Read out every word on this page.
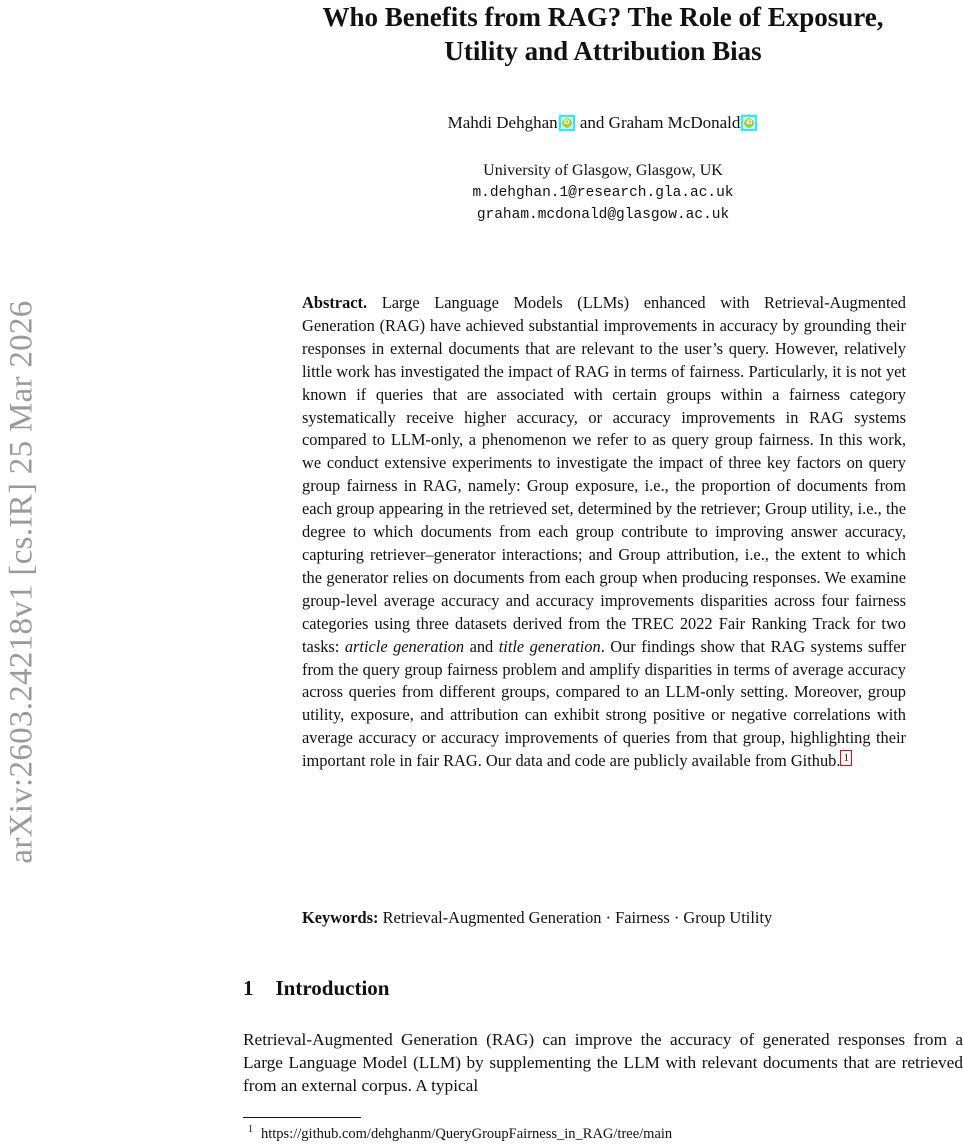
arXiv:2603.24218v1 [cs.IR] 25 Mar 2026
Who Benefits from RAG? The Role of Exposure,
Utility and Attribution Bias
Mahdi Dehghan	iD and Graham McDonald	iD
University of Glasgow, Glasgow, UK
m.dehghan.1@research.gla.ac.uk
graham.mcdonald@glasgow.ac.uk
Abstract. Large Language Models (LLMs) enhanced with Retrieval-Augmented Generation (RAG) have achieved substantial improvements in accuracy by grounding their responses in external documents that are relevant to the user’s query. However, relatively little work has investigated the impact of RAG in terms of fairness. Particularly, it is not yet known if queries that are associated with certain groups within a fairness category systematically receive higher accuracy, or accuracy improvements in RAG systems compared to LLM-only, a phenomenon we refer to as query group fairness. In this work, we conduct extensive experiments to investigate the impact of three key factors on query group fairness in RAG, namely: Group exposure, i.e., the proportion of documents from each group appearing in the retrieved set, determined by the retriever; Group utility, i.e., the degree to which documents from each group contribute to improving answer accuracy, capturing retriever–generator interactions; and Group attribution, i.e., the extent to which the generator relies on documents from each group when producing responses. We examine group-level average accuracy and accuracy improvements disparities across four fairness categories using three datasets derived from the TREC 2022 Fair Ranking Track for two tasks: article generation and title generation. Our findings show that RAG systems suffer from the query group fairness problem and amplify disparities in terms of average accuracy across queries from different groups, compared to an LLM-only setting. Moreover, group utility, exposure, and attribution can exhibit strong positive or negative correlations with average accuracy or accuracy improvements of queries from that group, highlighting their important role in fair RAG. Our data and code are publicly available from Github. 1
Keywords: Retrieval-Augmented Generation · Fairness · Group Utility
1 Introduction
Retrieval-Augmented Generation (RAG) can improve the accuracy of generated responses from a Large Language Model (LLM) by supplementing the LLM with relevant documents that are retrieved from an external corpus. A typical
$^1$ https://github.com/dehghanm/QueryGroupFairness_in_RAG/tree/main
